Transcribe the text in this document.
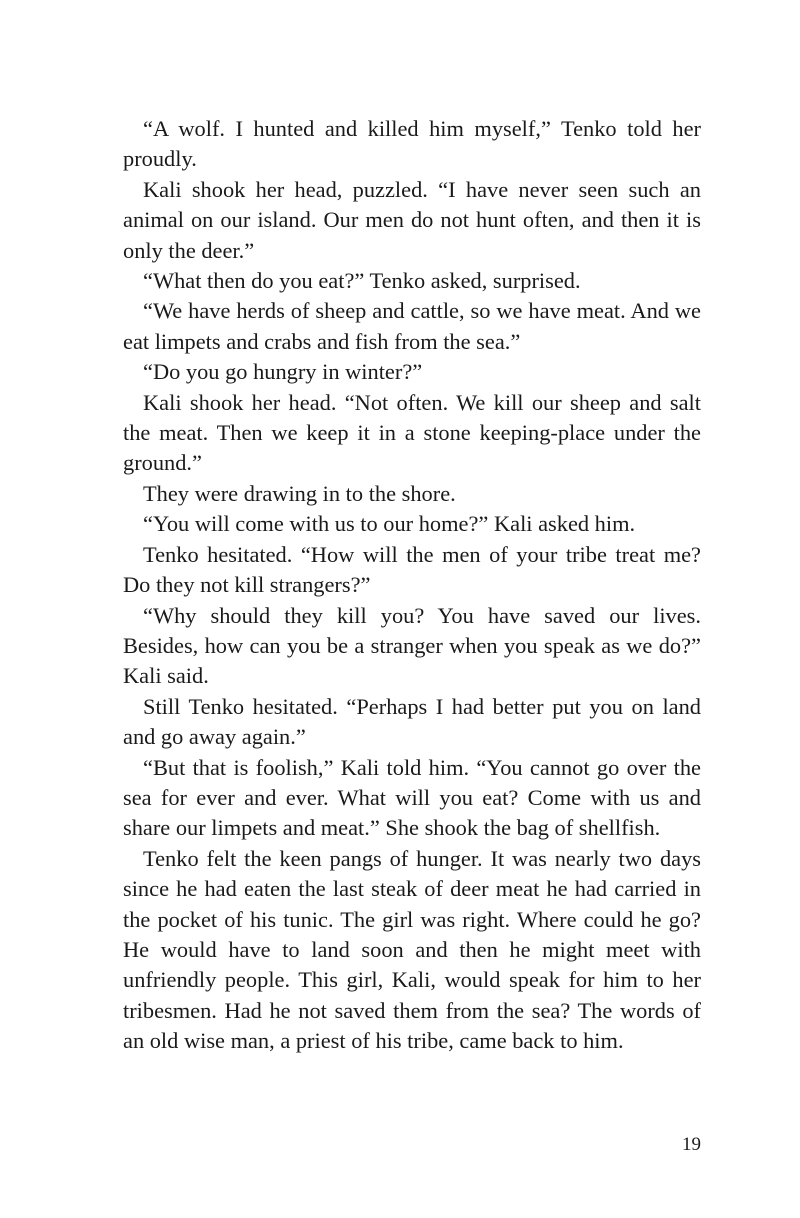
“A wolf. I hunted and killed him myself,” Tenko told her proudly.

Kali shook her head, puzzled. “I have never seen such an animal on our island. Our men do not hunt often, and then it is only the deer.”

“What then do you eat?” Tenko asked, surprised.

“We have herds of sheep and cattle, so we have meat. And we eat limpets and crabs and fish from the sea.”

“Do you go hungry in winter?”

Kali shook her head. “Not often. We kill our sheep and salt the meat. Then we keep it in a stone keeping-place under the ground.”

They were drawing in to the shore.

“You will come with us to our home?” Kali asked him.

Tenko hesitated. “How will the men of your tribe treat me? Do they not kill strangers?”

“Why should they kill you? You have saved our lives. Besides, how can you be a stranger when you speak as we do?” Kali said.

Still Tenko hesitated. “Perhaps I had better put you on land and go away again.”

“But that is foolish,” Kali told him. “You cannot go over the sea for ever and ever. What will you eat? Come with us and share our limpets and meat.” She shook the bag of shellfish.

Tenko felt the keen pangs of hunger. It was nearly two days since he had eaten the last steak of deer meat he had carried in the pocket of his tunic. The girl was right. Where could he go? He would have to land soon and then he might meet with unfriendly people. This girl, Kali, would speak for him to her tribesmen. Had he not saved them from the sea? The words of an old wise man, a priest of his tribe, came back to him.

19
